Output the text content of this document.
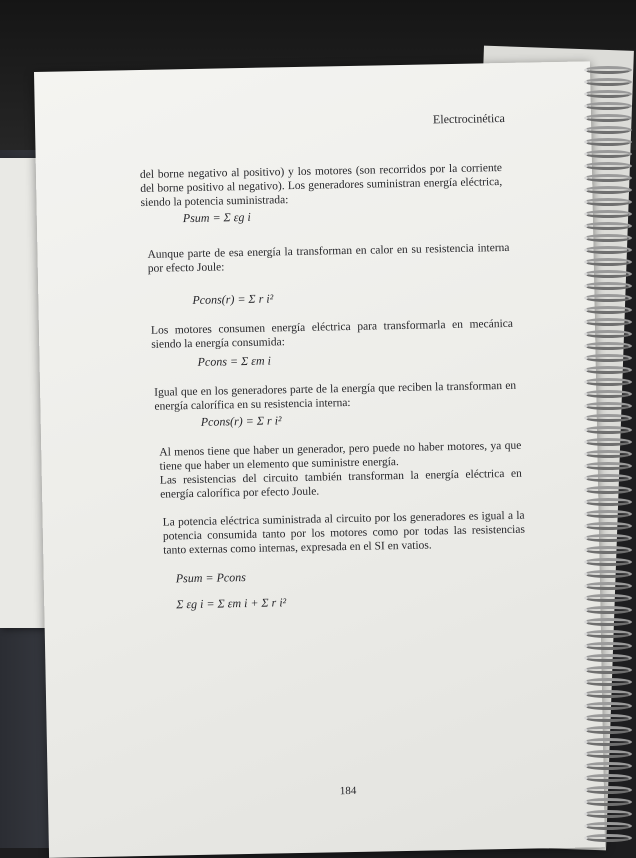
Electrocinética
del borne negativo al positivo) y los motores (son recorridos por la corriente del borne positivo al negativo). Los generadores suministran energía eléctrica, siendo la potencia suministrada:
Psum = Σ εg i
Aunque parte de esa energía la transforman en calor en su resistencia interna por efecto Joule:
Pcons(r) = Σ r i²
Los motores consumen energía eléctrica para transformarla en mecánica siendo la energía consumida:
Pcons = Σ εm i
Igual que en los generadores parte de la energía que reciben la transforman en energía calorífica en su resistencia interna:
Pcons(r) = Σ r i²
Al menos tiene que haber un generador, pero puede no haber motores, ya que tiene que haber un elemento que suministre energía.
Las resistencias del circuito también transforman la energía eléctrica en energía calorífica por efecto Joule.
La potencia eléctrica suministrada al circuito por los generadores es igual a la potencia consumida tanto por los motores como por todas las resistencias tanto externas como internas, expresada en el SI en vatios.
Psum = Pcons
Σ εg i = Σ εm i + Σ r i²
184
